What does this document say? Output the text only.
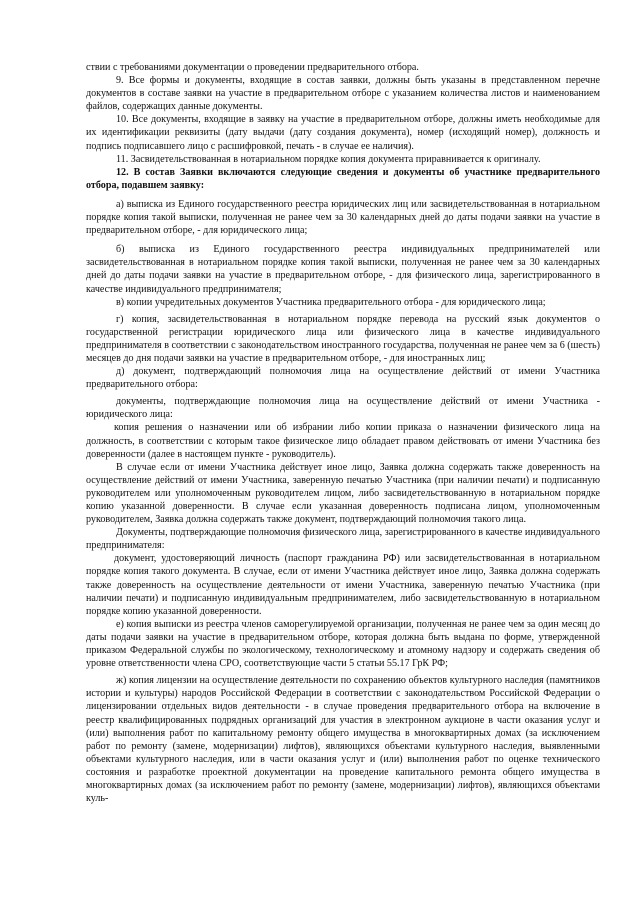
ствии с требованиями документации о проведении предварительного отбора.

9. Все формы и документы, входящие в состав заявки, должны быть указаны в представленном перечне документов в составе заявки на участие в предварительном отборе с указанием количества листов и наименованием файлов, содержащих данные документы.

10. Все документы, входящие в заявку на участие в предварительном отборе, должны иметь необходимые для их идентификации реквизиты (дату выдачи (дату создания документа), номер (исходящий номер), должность и подпись подписавшего лицо с расшифровкой, печать - в случае ее наличия).

11. Засвидетельствованная в нотариальном порядке копия документа приравнивается к оригиналу.

12. В состав Заявки включаются следующие сведения и документы об участнике предварительного отбора, подавшем заявку:

а) выписка из Единого государственного реестра юридических лиц или засвидетельствованная в нотариальном порядке копия такой выписки, полученная не ранее чем за 30 календарных дней до даты подачи заявки на участие в предварительном отборе, - для юридического лица;

б) выписка из Единого государственного реестра индивидуальных предпринимателей или засвидетельствованная в нотариальном порядке копия такой выписки, полученная не ранее чем за 30 календарных дней до даты подачи заявки на участие в предварительном отборе, - для физического лица, зарегистрированного в качестве индивидуального предпринимателя;

в) копии учредительных документов Участника предварительного отбора - для юридического лица;

г) копия, засвидетельствованная в нотариальном порядке перевода на русский язык документов о государственной регистрации юридического лица или физического лица в качестве индивидуального предпринимателя в соответствии с законодательством иностранного государства, полученная не ранее чем за 6 (шесть) месяцев до дня подачи заявки на участие в предварительном отборе, - для иностранных лиц;

д) документ, подтверждающий полномочия лица на осуществление действий от имени Участника предварительного отбора:

документы, подтверждающие полномочия лица на осуществление действий от имени Участника - юридического лица:

копия решения о назначении или об избрании либо копии приказа о назначении физического лица на должность, в соответствии с которым такое физическое лицо обладает правом действовать от имени Участника без доверенности (далее в настоящем пункте - руководитель).

В случае если от имени Участника действует иное лицо, Заявка должна содержать также доверенность на осуществление действий от имени Участника, заверенную печатью Участника (при наличии печати) и подписанную руководителем или уполномоченным руководителем лицом, либо засвидетельствованную в нотариальном порядке копию указанной доверенности. В случае если указанная доверенность подписана лицом, уполномоченным руководителем, Заявка должна содержать также документ, подтверждающий полномочия такого лица.

Документы, подтверждающие полномочия физического лица, зарегистрированного в качестве индивидуального предпринимателя:

документ, удостоверяющий личность (паспорт гражданина РФ) или засвидетельствованная в нотариальном порядке копия такого документа. В случае, если от имени Участника действует иное лицо, Заявка должна содержать также доверенность на осуществление деятельности от имени Участника, заверенную печатью Участника (при наличии печати) и подписанную индивидуальным предпринимателем, либо засвидетельствованную в нотариальном порядке копию указанной доверенности.

е) копия выписки из реестра членов саморегулируемой организации, полученная не ранее чем за один месяц до даты подачи заявки на участие в предварительном отборе, которая должна быть выдана по форме, утвержденной приказом Федеральной службы по экологическому, технологическому и атомному надзору и содержать сведения об уровне ответственности члена СРО, соответствующие части 5 статьи 55.17 ГрК РФ;

ж) копия лицензии на осуществление деятельности по сохранению объектов культурного наследия (памятников истории и культуры) народов Российской Федерации в соответствии с законодательством Российской Федерации о лицензировании отдельных видов деятельности - в случае проведения предварительного отбора на включение в реестр квалифицированных подрядных организаций для участия в электронном аукционе в части оказания услуг и (или) выполнения работ по капитальному ремонту общего имущества в многоквартирных домах (за исключением работ по ремонту (замене, модернизации) лифтов), являющихся объектами культурного наследия, выявленными объектами культурного наследия, или в части оказания услуг и (или) выполнения работ по оценке технического состояния и разработке проектной документации на проведение капитального ремонта общего имущества в многоквартирных домах (за исключением работ по ремонту (замене, модернизации) лифтов), являющихся объектами куль-
